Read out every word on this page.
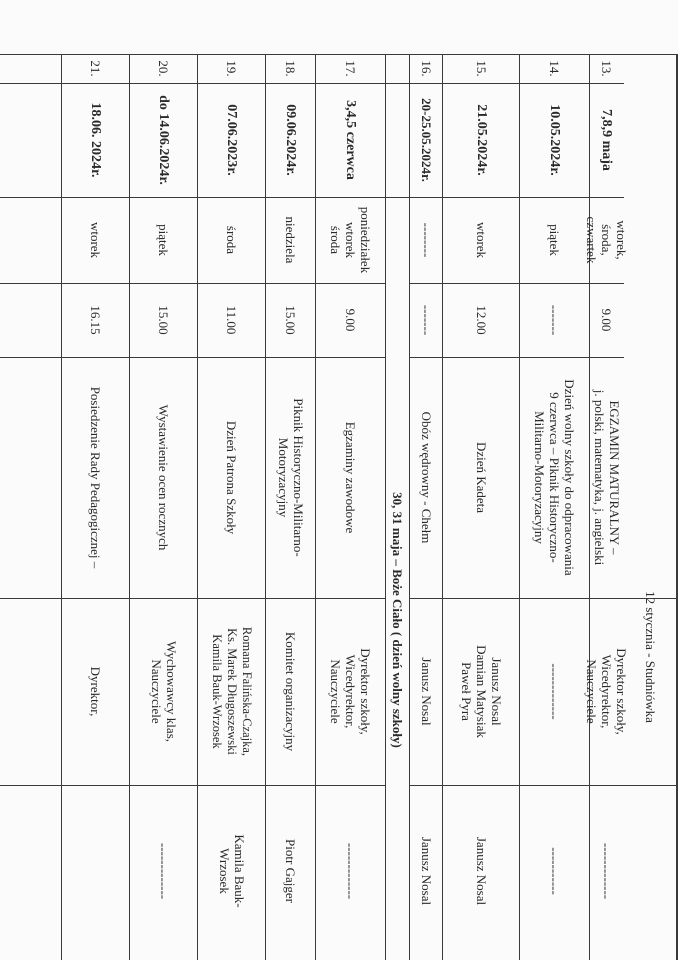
12 stycznia - Studniówka
13.
7,8,9 maja
wtorek,
środa,
czwartek
9.00
EGZAMIN MATURALNY –
j. polski, matematyka, j. angielski
Dyrektor szkoły,
Wicedyrektor,
Nauczyciele
-------------
14.
10.05.2024r.
piątek
-------
Dzień wolny szkoły do odpracowania
9 czerwca – Piknik Historyczno-
Militarno-Motoryzacyjny
-------------
-----------
15.
21.05.2024r.
wtorek
12.00
Dzień Kadeta
Janusz Nosal
Damian Matysiak
Paweł Pyra
Janusz Nosal
16.
20-25.05.2024r.
--------
-------
Obóz wędrowny - Chełm
Janusz Nosal
Janusz Nosal
30, 31 maja – Boże Ciało ( dzień wolny szkoły)
17.
3,4,5 czerwca
poniedziałek
wtorek
środa
9.00
Egzaminy zawodowe
Dyrektor szkoły,
Wicedyrektor,
Nauczyciele
-------------
18.
09.06.2024r.
niedziela
15.00
Piknik Historyczno-Militarno-
Motoryzacyjny
Komitet organizacyjny
Piotr Gajger
19.
07.06.2023r.
środa
11.00
Dzień Patrona Szkoły
Romana Falińska-Czajka,
Ks. Marek Długoszewski
Kamila Bauk-Wrzosek
Kamila Bauk-
Wrzosek
20.
do 14.06.2024r.
piątek
15.00
Wystawienie ocen rocznych
Wychowawcy klas,
Nauczyciele
-------------
21.
18.06. 2024r.
wtorek
16.15
Posiedzenie Rady Pedagogicznej –
Dyrektor,
